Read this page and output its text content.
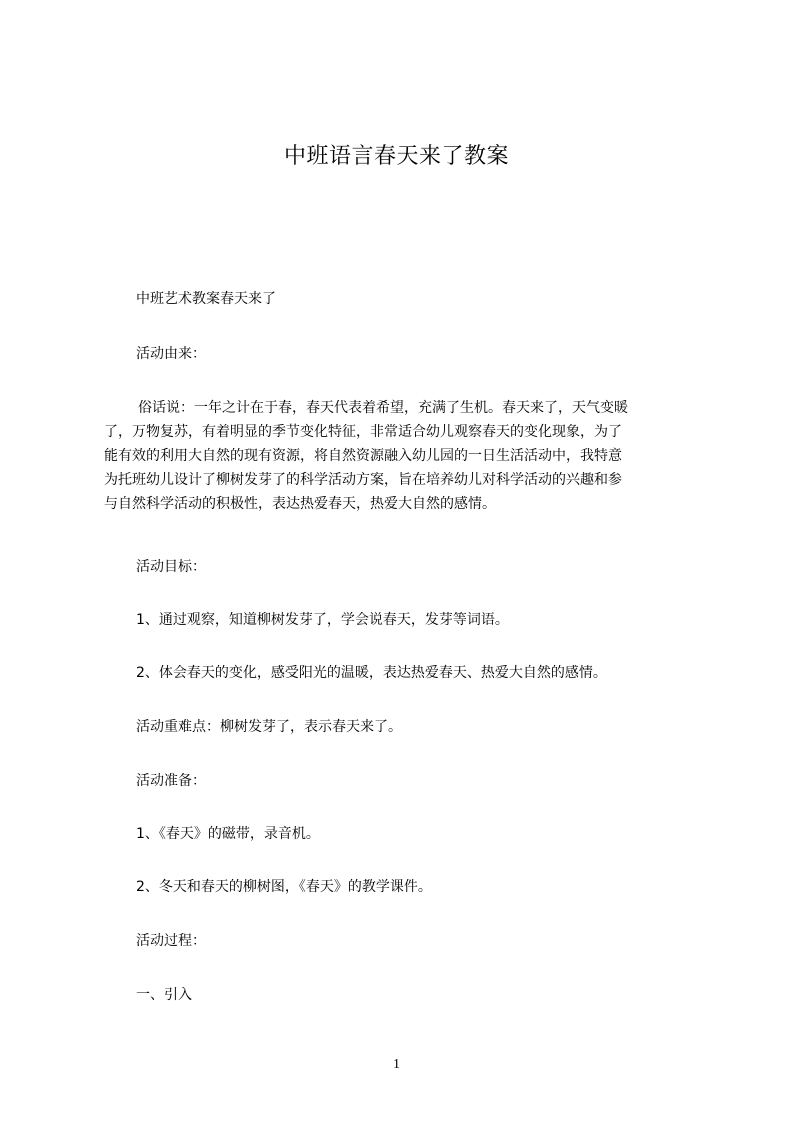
中班语言春天来了教案
中班艺术教案春天来了
活动由来：
俗话说：一年之计在于春，春天代表着希望，充满了生机。春天来了，天气变暖
了，万物复苏，有着明显的季节变化特征，非常适合幼儿观察春天的变化现象，为了
能有效的利用大自然的现有资源，将自然资源融入幼儿园的一日生活活动中，我特意
为托班幼儿设计了柳树发芽了的科学活动方案，旨在培养幼儿对科学活动的兴趣和参
与自然科学活动的积极性，表达热爱春天，热爱大自然的感情。
活动目标：
1、通过观察，知道柳树发芽了，学会说春天，发芽等词语。
2、体会春天的变化，感受阳光的温暖，表达热爱春天、热爱大自然的感情。
活动重难点：柳树发芽了，表示春天来了。
活动准备：
1、《春天》的磁带，录音机。
2、冬天和春天的柳树图，《春天》的教学课件。
活动过程：
一、引入
1
